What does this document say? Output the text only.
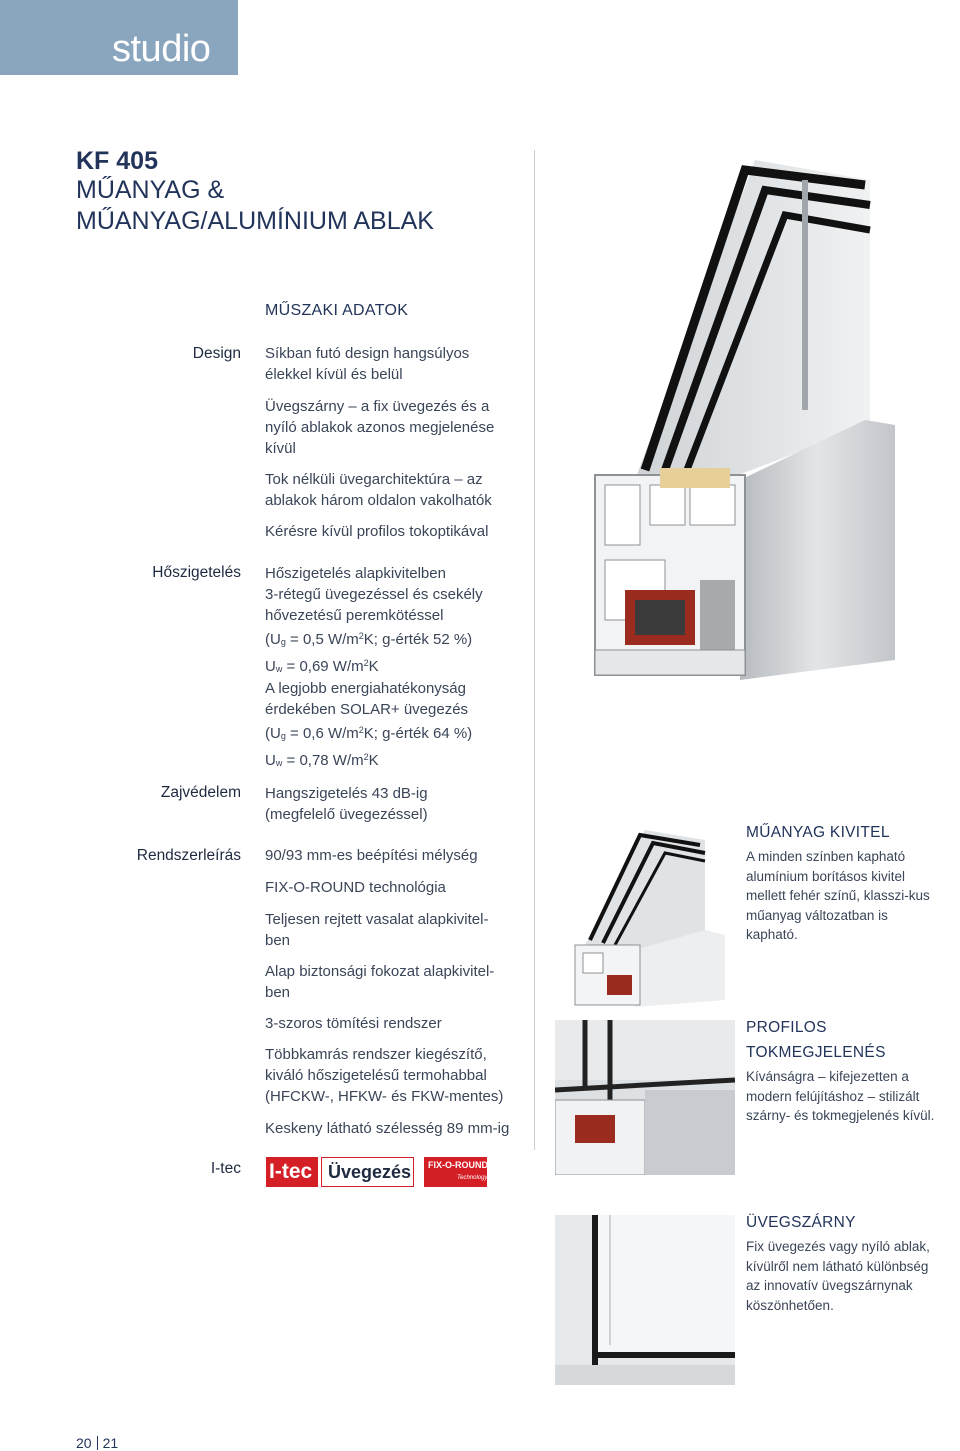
studio
KF 405
MŰANYAG &
MŰANYAG/ALUMÍNIUM ABLAK
MŰSZAKI ADATOK
Design
Hőszigetelés
Zajvédelem
Rendszerleírás
I-tec
Síkban futó design hangsúlyos élekkel kívül és belül
Üvegszárny – a fix üvegezés és a nyíló ablakok azonos megjelenése kívül
Tok nélküli üvegarchitektúra – az ablakok három oldalon vakolhatók
Kérésre kívül profilos tokoptikával

Hőszigetelés alapkivitelben

3-rétegű üvegezéssel és csekély

hővezetésű peremkötéssel

($U_g = 0,5$ $W/m^2K$; g-érték 52 %)

$U_w = 0,69$ $W/m^2K$

A legjobb energiahatékonyság

érdekében SOLAR+ üvegezés

($U_g = 0,6$ $W/m^2K$; g-érték 64 %)

$U_w = 0,78$ $W/m^2K$

Hangszigetelés 43 dB-ig (megfelelő üvegezéssel)
90/93 mm-es beépítési mélység
FIX-O-ROUND technológia
Teljesen rejtett vasalat alapkivitel-ben
Alap biztonsági fokozat alapkivitel-ben
3-szoros tömítési rendszer
Többkamrás rendszer kiegészítő, kiváló hőszigetelésű termohabbal (HFCKW-, HFKW- és FKW-mentes)
Keskeny látható szélesség 89 mm-ig
I-tec Üvegezés FIX-O-ROUND
Technology
MŰANYAG KIVITEL
A minden színben kapható alumínium borításos kivitel mellett fehér színű, klasszi-kus műanyag változatban is kapható.
PROFILOS
TOKMEGJELENÉS
Kívánságra – kifejezetten a modern felújításhoz – stilizált szárny- és tokmegjelenés kívül.
ÜVEGSZÁRNY
Fix üvegezés vagy nyíló ablak, kívülről nem látható különbség az innovatív üvegszárnynak köszönhetően.
20 21
